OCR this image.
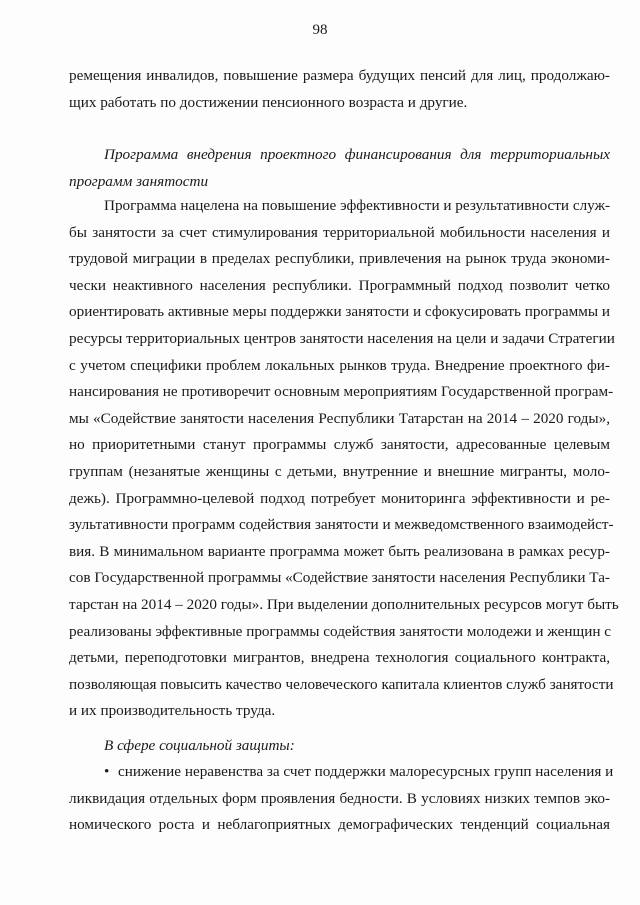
98
ремещения инвалидов, повышение размера будущих пенсий для лиц, продолжаю-
щих работать по достижении пенсионного возраста и другие.
Программа внедрения проектного финансирования для территориальных
программ занятости
Программа нацелена на повышение эффективности и результативности служ-
бы занятости за счет стимулирования территориальной мобильности населения и
трудовой миграции в пределах республики, привлечения на рынок труда экономи-
чески неактивного населения республики. Программный подход позволит четко
ориентировать активные меры поддержки занятости и сфокусировать программы и
ресурсы территориальных центров занятости населения на цели и задачи Стратегии
с учетом специфики проблем локальных рынков труда. Внедрение проектного фи-
нансирования не противоречит основным мероприятиям Государственной програм-
мы «Содействие занятости населения Республики Татарстан на 2014 – 2020 годы»,
но приоритетными станут программы служб занятости, адресованные целевым
группам (незанятые женщины с детьми, внутренние и внешние мигранты, моло-
дежь). Программно-целевой подход потребует мониторинга эффективности и ре-
зультативности программ содействия занятости и межведомственного взаимодейст-
вия. В минимальном варианте программа может быть реализована в рамках ресур-
сов Государственной программы «Содействие занятости населения Республики Та-
тарстан на 2014 – 2020 годы». При выделении дополнительных ресурсов могут быть
реализованы эффективные программы содействия занятости молодежи и женщин с
детьми, переподготовки мигрантов, внедрена технология социального контракта,
позволяющая повысить качество человеческого капитала клиентов служб занятости
и их производительность труда.
В сфере социальной защиты:
• снижение неравенства за счет поддержки малоресурсных групп населения и
ликвидация отдельных форм проявления бедности. В условиях низких темпов эко-
номического роста и неблагоприятных демографических тенденций социальная
